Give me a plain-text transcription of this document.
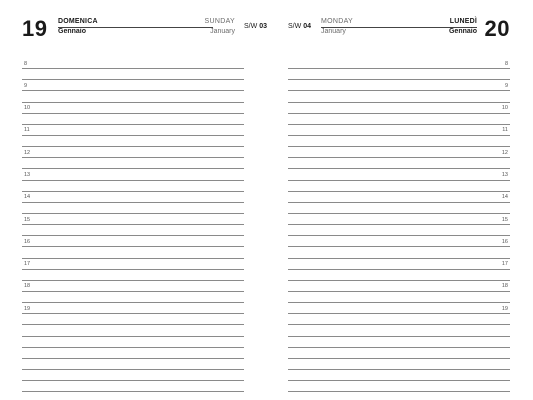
19 DOMENICA
Gennaio
SUNDAY
January
S/W 03
8
9
10
11
12
13
14
15
16
17
18
19
S/W 04
MONDAY
January
LUNEDÌ
Gennaio 20
8
9
10
11
12
13
14
15
16
17
18
19
